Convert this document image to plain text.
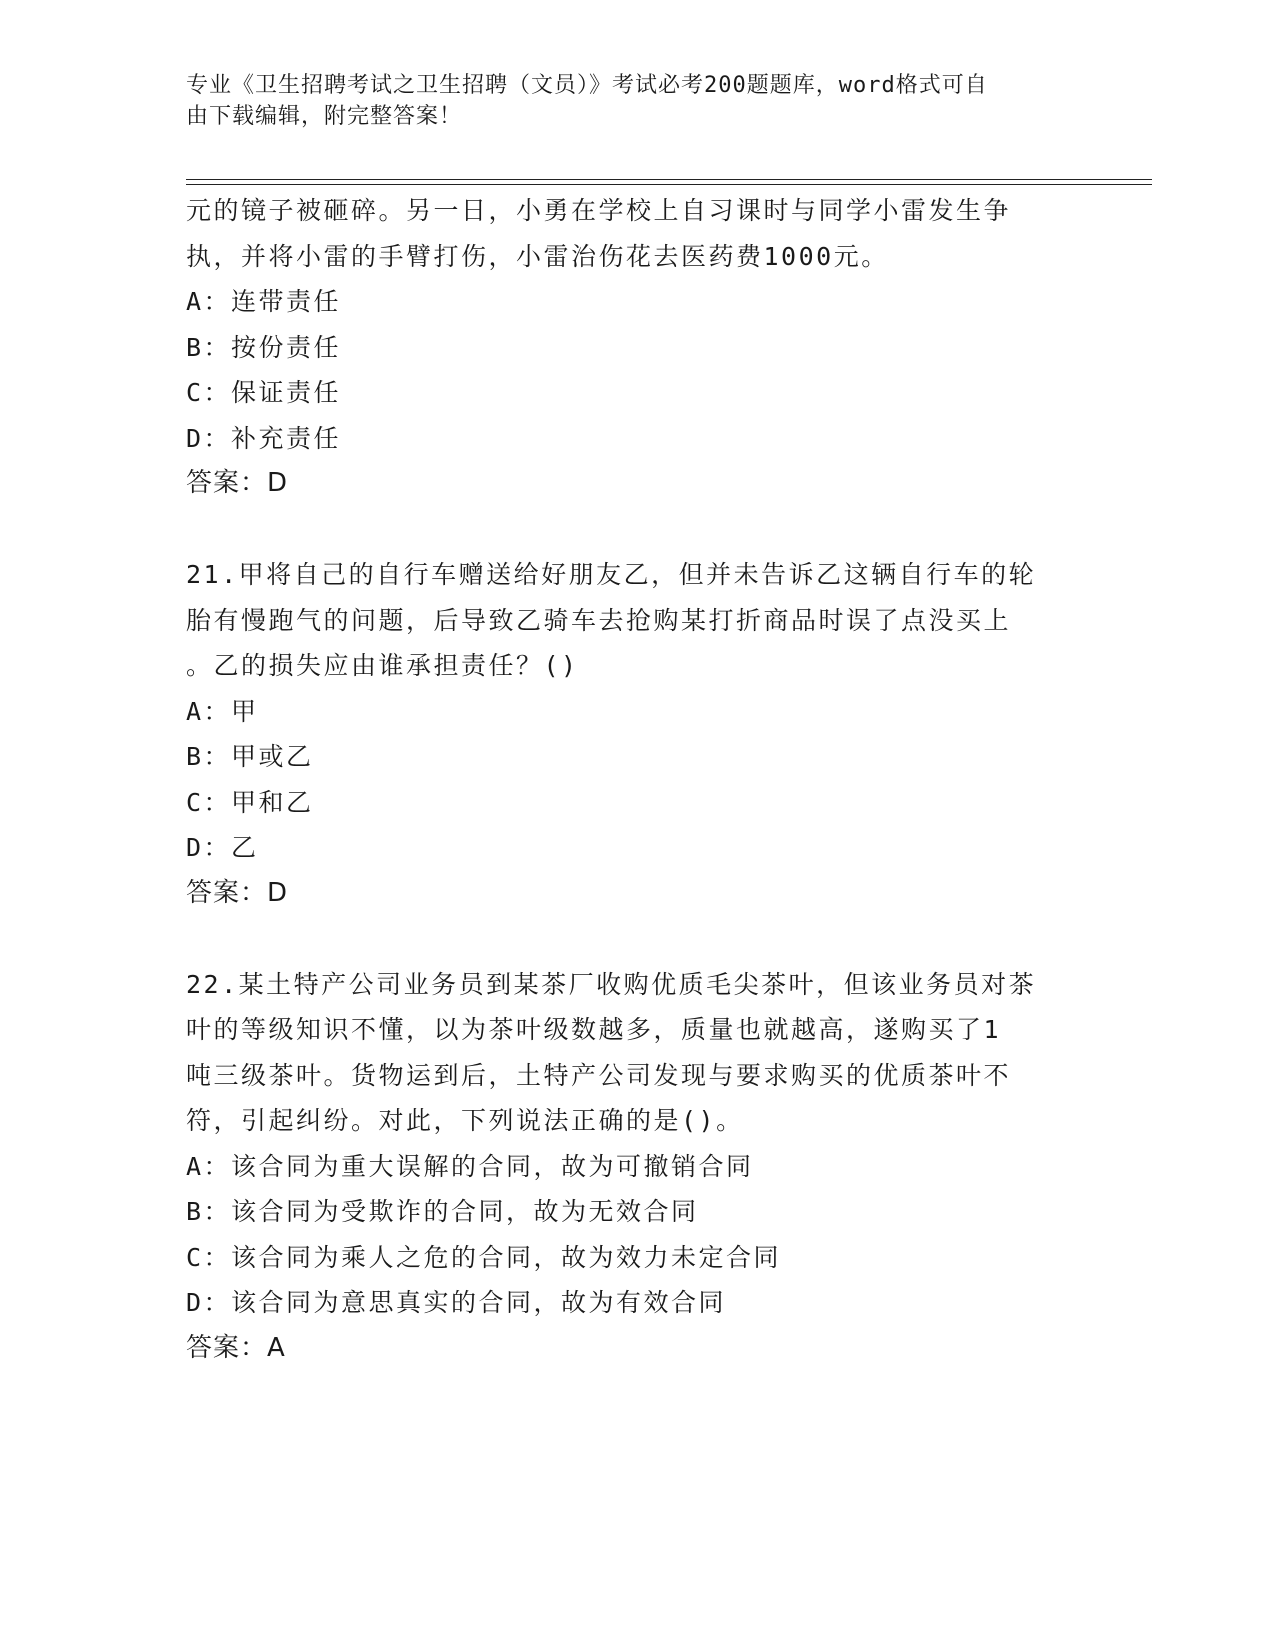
专业《卫生招聘考试之卫生招聘（文员）》考试必考200题题库，word格式可自
由下载编辑，附完整答案！
元的镜子被砸碎。另一日，小勇在学校上自习课时与同学小雷发生争
执，并将小雷的手臂打伤，小雷治伤花去医药费1000元。
A：连带责任
B：按份责任
C：保证责任
D：补充责任
答案：D
21.甲将自己的自行车赠送给好朋友乙，但并未告诉乙这辆自行车的轮
胎有慢跑气的问题，后导致乙骑车去抢购某打折商品时误了点没买上
。乙的损失应由谁承担责任？()
A：甲
B：甲或乙
C：甲和乙
D：乙
答案：D
22.某土特产公司业务员到某茶厂收购优质毛尖茶叶，但该业务员对茶
叶的等级知识不懂，以为茶叶级数越多，质量也就越高，遂购买了1
吨三级茶叶。货物运到后，土特产公司发现与要求购买的优质茶叶不
符，引起纠纷。对此，下列说法正确的是()。
A：该合同为重大误解的合同，故为可撤销合同
B：该合同为受欺诈的合同，故为无效合同
C：该合同为乘人之危的合同，故为效力未定合同
D：该合同为意思真实的合同，故为有效合同
答案：A
